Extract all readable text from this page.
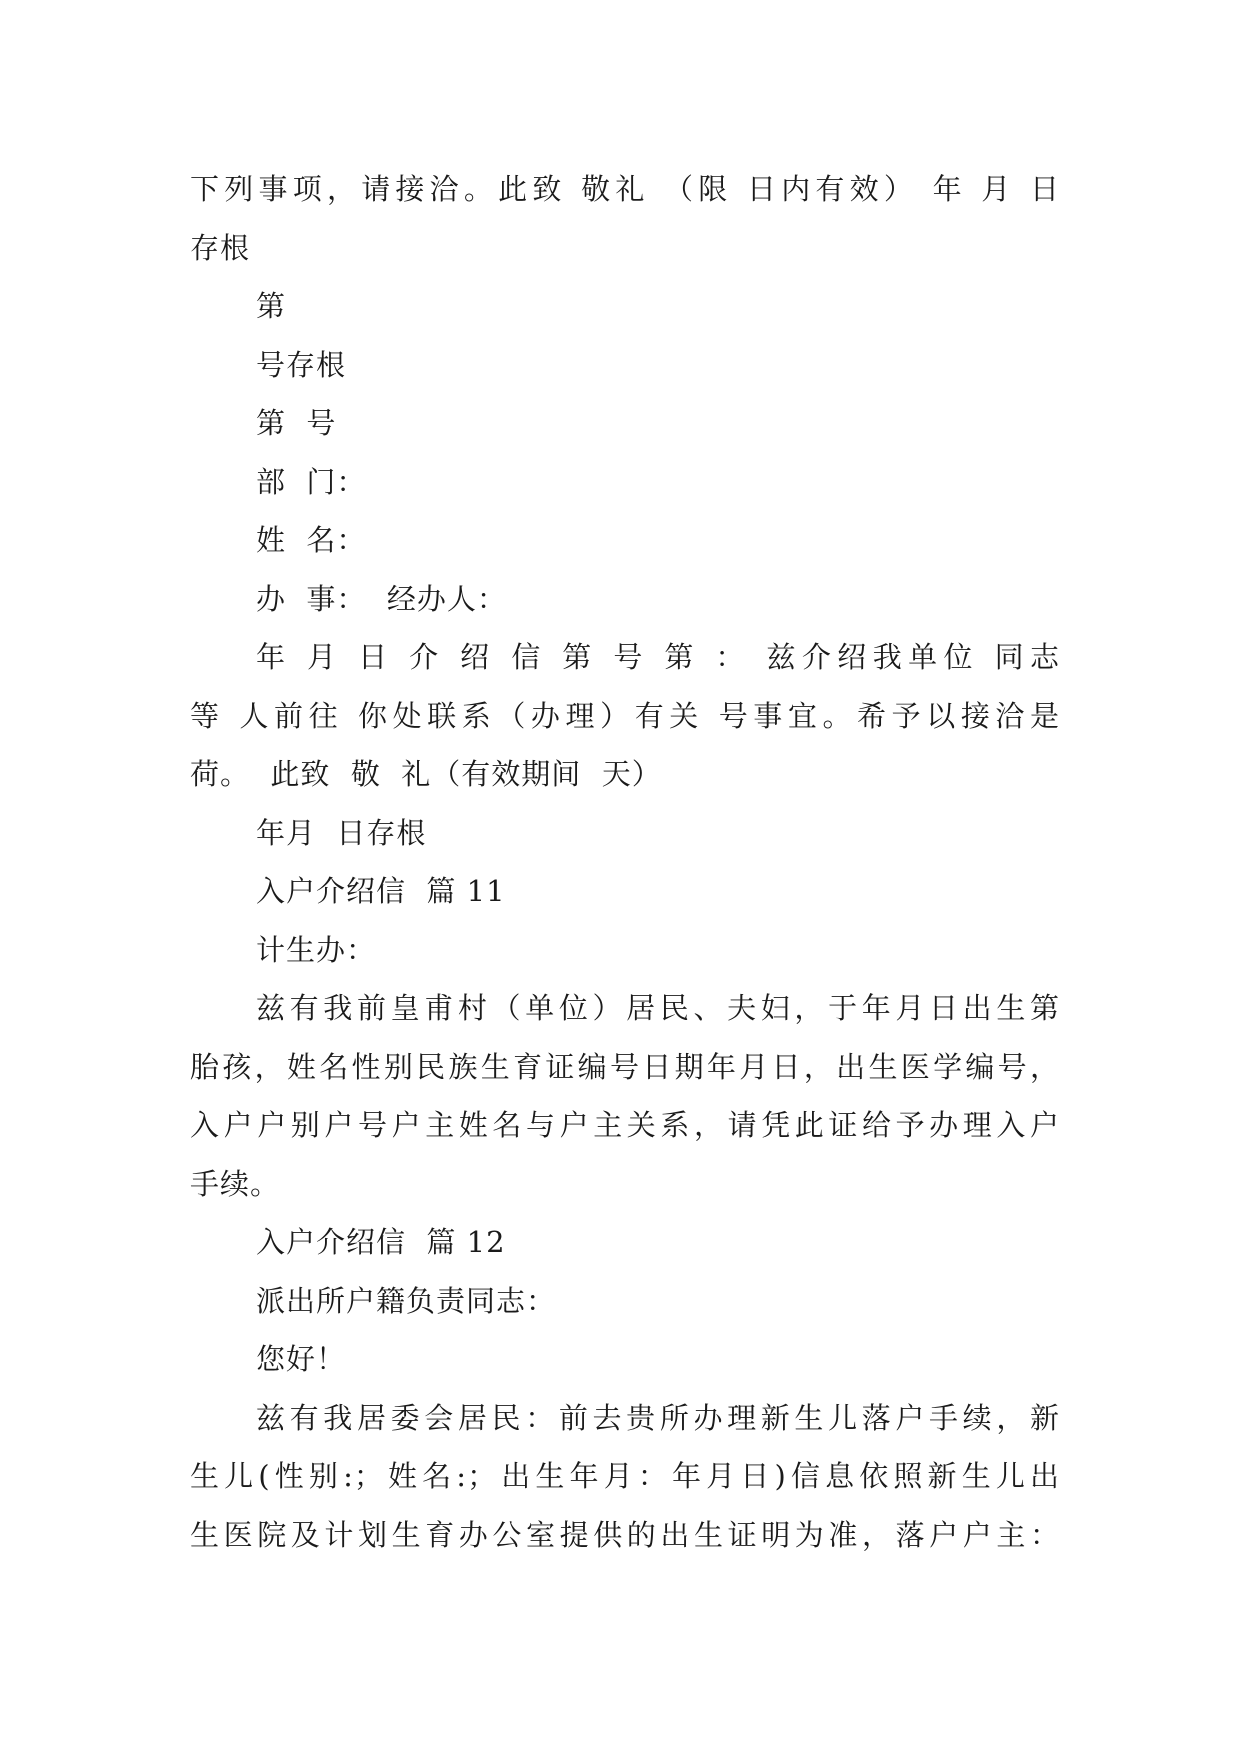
下列事项，请接洽。此致 敬礼 （限 日内有效） 年 月 日
存根
第
号存根
第  号
部  门：
姓  名：
办  事：  经办人：
年 月 日 介 绍 信 第 号 第 ： 兹介绍我单位 同志
等 人前往 你处联系（办理）有关 号事宜。希予以接洽是
荷。  此致  敬  礼（有效期间  天）
年月  日存根
入户介绍信  篇 11
计生办：
兹有我前皇甫村（单位）居民、夫妇，于年月日出生第
胎孩，姓名性别民族生育证编号日期年月日，出生医学编号，
入户户别户号户主姓名与户主关系，请凭此证给予办理入户
手续。
入户介绍信  篇 12
派出所户籍负责同志：
您好！
兹有我居委会居民：前去贵所办理新生儿落户手续，新
生儿(性别:；姓名:；出生年月：年月日)信息依照新生儿出
生医院及计划生育办公室提供的出生证明为准，落户户主：
